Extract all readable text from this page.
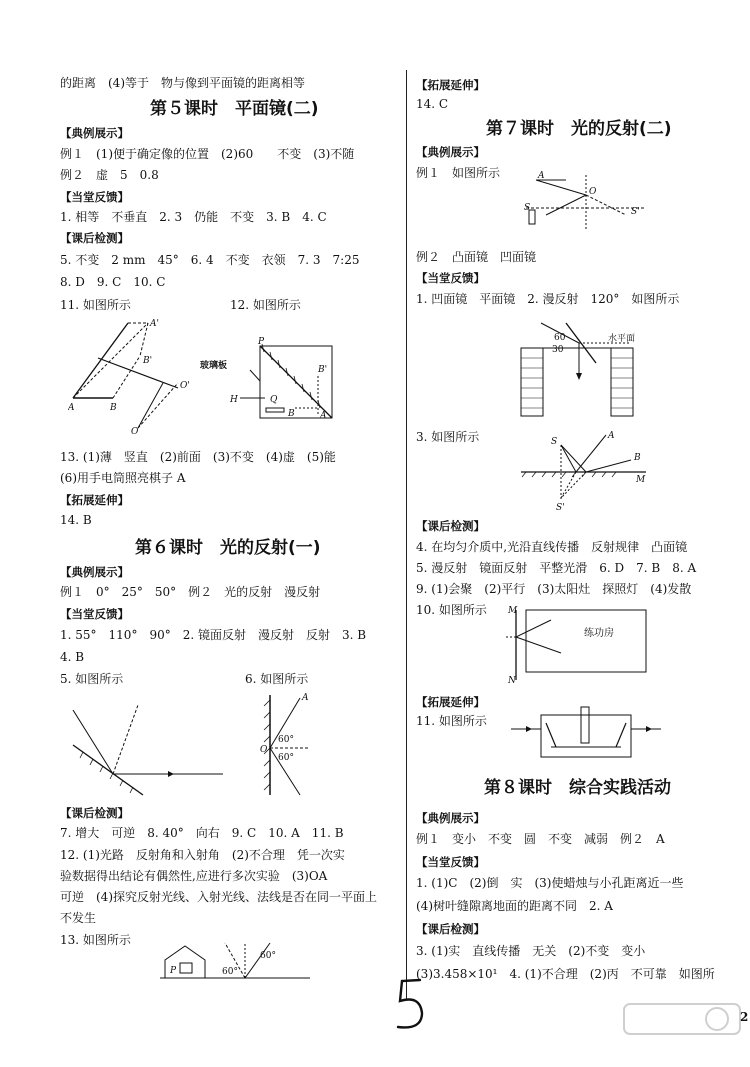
的距离　(4)等于　物与像到平面镜的距离相等
第５课时　平面镜(二)
【典例展示】
例１　(1)便于确定像的位置　(2)60　　不变　(3)不随
例２　虚　5　0.8
【当堂反馈】
1. 相等　不垂直　2. 3　仍能　不变　3. B　4. C
【课后检测】
5. 不变　2 mm　45°　6. 4　不变　衣领　7. 3　7:25
8. D　9. C　10. C
11. 如图所示	12. 如图所示
A	B
A'
B'
O'
O
P
B'
H	Q
B	A
玻璃板
13. (1)薄　竖直　(2)前面　(3)不变　(4)虚　(5)能
(6)用手电筒照亮棋子 A
【拓展延伸】
14. B
第６课时　光的反射(一)
【典例展示】
例１　0°　25°　50°　例２　光的反射　漫反射
【当堂反馈】
1. 55°　110°　90°　2. 镜面反射　漫反射　反射　3. B
4. B
5. 如图所示	6. 如图所示
A
O
60°
60°
【课后检测】
7. 增大　可逆　8. 40°　向右　9. C　10. A　11. B
12. (1)光路　反射角和入射角　(2)不合理　凭一次实
验数据得出结论有偶然性,应进行多次实验　(3)OA
可逆　(4)探究反射光线、入射光线、法线是否在同一平面上
不发生
13. 如图所示
P	60°
60°
【拓展延伸】
14. C
第７课时　光的反射(二)
【典例展示】
例１　如图所示	A
O
S	S'
例２　凸面镜　凹面镜
【当堂反馈】
1. 凹面镜　平面镜　2. 漫反射　120°　如图所示
60
30
水平面
3. 如图所示	S
A
B
M
S'
【课后检测】
4. 在均匀介质中,光沿直线传播　反射规律　凸面镜
5. 漫反射　镜面反射　平整光滑　6. D　7. B　8. A
9. (1)会聚　(2)平行　(3)太阳灶　探照灯　(4)发散
10. 如图所示 M
N
练功房
【拓展延伸】
11. 如图所示
第８课时　综合实践活动
【典例展示】
例１　变小　不变　圆　不变　减弱　例２　A
【当堂反馈】
1. (1)C　(2)倒　实　(3)使蜡烛与小孔距离近一些
(4)树叶缝隙离地面的距离不同　2. A
【课后检测】
3. (1)实　直线传播　无关　(2)不变　变小
(3)3.458×10¹　4. (1)不合理　(2)丙　不可靠　如图所
2
